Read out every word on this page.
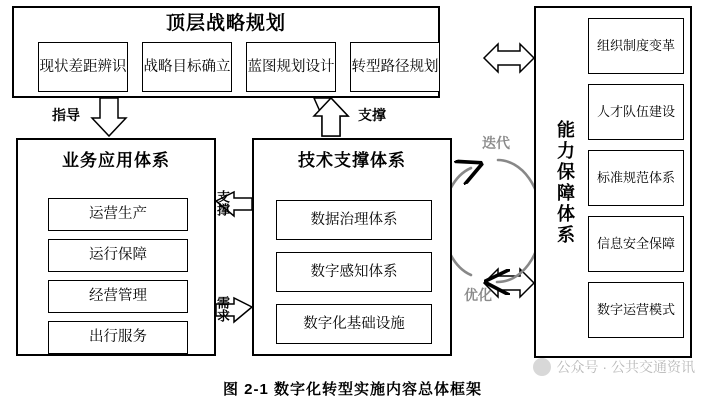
顶层战略规划
现状差距辨识 战略目标确立 蓝图规划设计 转型路径规划
业务应用体系
运营生产
运行保障
经营管理
出行服务
技术支撑体系
数据治理体系
数字感知体系
数字化基础设施
能力保障体系
组织制度变革
人才队伍建设
标准规范体系
信息安全保障
数字运营模式
指导	支撑
支撑
需求
迭代
优化
图 2-1 数字化转型实施内容总体框架
公众号 · 公共交通资讯
